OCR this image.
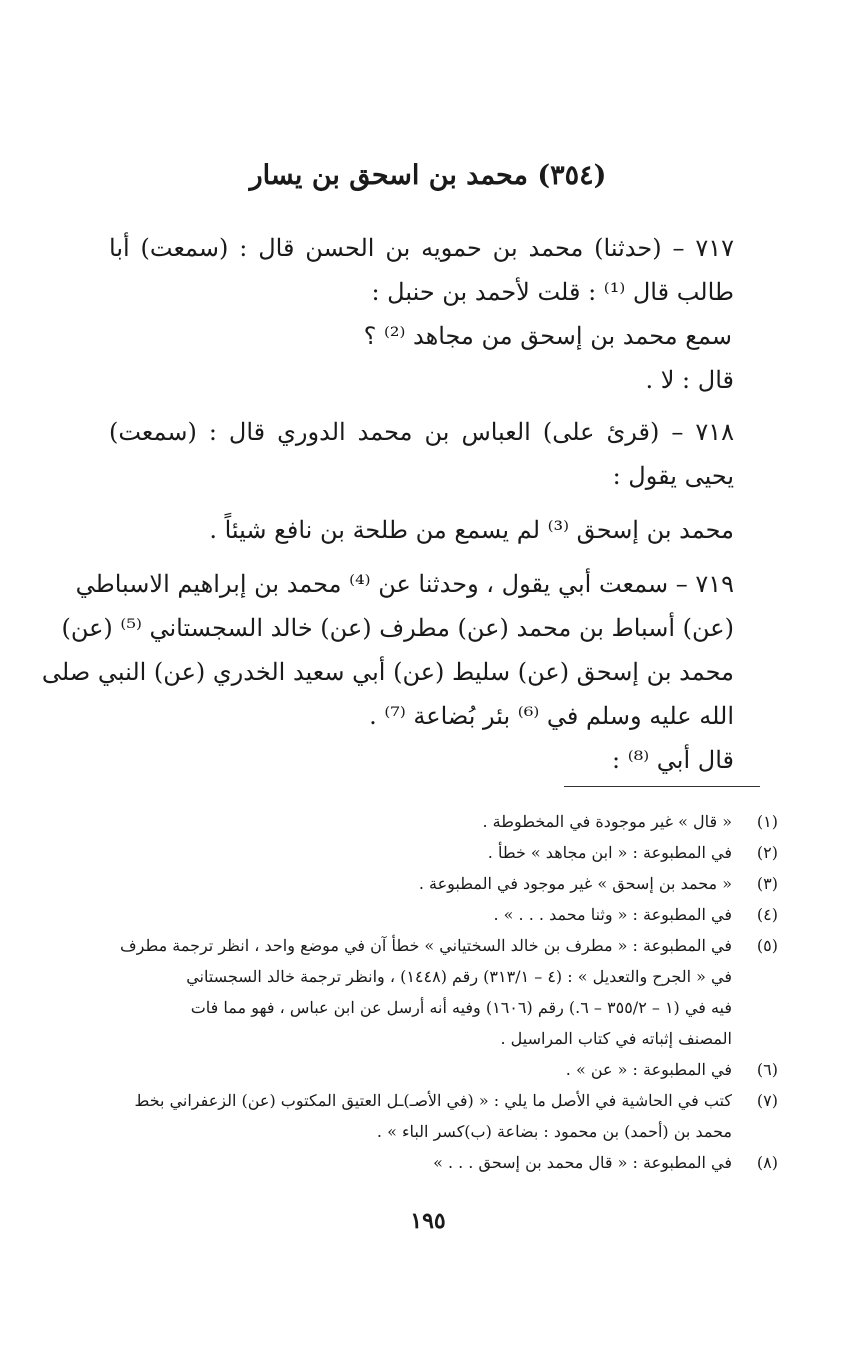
(٣٥٤) محمد بن اسحق بن يسار
٧١٧ – (حدثنا) محمد بن حمويه بن الحسن قال : (سمعت) أبا
طالب قال ⁽¹⁾ : قلت لأحمد بن حنبل :
سمع محمد بن إسحق من مجاهد ⁽²⁾ ؟
قال : لا .
٧١٨ – (قرئ على) العباس بن محمد الدوري قال : (سمعت)
يحيى يقول :
محمد بن إسحق ⁽³⁾ لم يسمع من طلحة بن نافع شيئاً .
٧١٩ – سمعت أبي يقول ، وحدثنا عن ⁽⁴⁾ محمد بن إبراهيم الاسباطي
(عن) أسباط بن محمد (عن) مطرف (عن) خالد السجستاني ⁽⁵⁾ (عن)
محمد بن إسحق (عن) سليط (عن) أبي سعيد الخدري (عن) النبي صلى
الله عليه وسلم في ⁽⁶⁾ بئر بُضاعة ⁽⁷⁾ .
قال أبي ⁽⁸⁾ :
(١)
« قال » غير موجودة في المخطوطة .
(٢)
في المطبوعة : « ابن مجاهد » خطأ .
(٣)
« محمد بن إسحق » غير موجود في المطبوعة .
(٤)
في المطبوعة : « وثنا محمد . . . » .
(٥)
في المطبوعة : « مطرف بن خالد السختياني » خطأ آن في موضع واحد ، انظر ترجمة مطرف
في « الجرح والتعديل » : (٤ – ٣١٣/١) رقم (١٤٤٨) ، وانظر ترجمة خالد السجستاني
فيه في (١ – ٣٥٥/٢ – ٦.) رقم (١٦٠٦) وفيه أنه أرسل عن ابن عباس ، فهو مما فات
المصنف إثباته في كتاب المراسيل .
(٦)
في المطبوعة : « عن » .
(٧)
كتب في الحاشية في الأصل ما يلي : « (في الأصـ)ـل العتيق المكتوب (عن) الزعفراني بخط
محمد بن (أحمد) بن محمود : بضاعة (ب)كسر الباء » .
(٨)
في المطبوعة : « قال محمد بن إسحق . . . »
١٩٥
